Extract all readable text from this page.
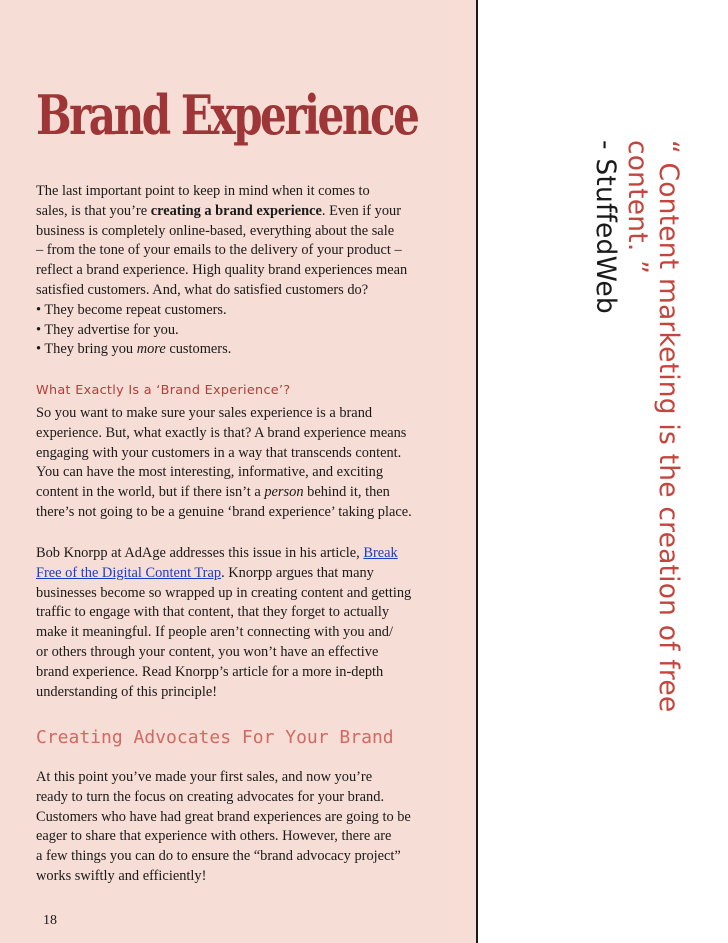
Brand Experience
The last important point to keep in mind when it comes to
sales, is that you’re creating a brand experience. Even if your
business is completely online-based, everything about the sale
– from the tone of your emails to the delivery of your product –
reflect a brand experience. High quality brand experiences mean
satisfied customers. And, what do satisfied customers do?
• They become repeat customers.
• They advertise for you.
• They bring you more customers.
What Exactly Is a ‘Brand Experience’?
So you want to make sure your sales experience is a brand
experience. But, what exactly is that? A brand experience means
engaging with your customers in a way that transcends content.
You can have the most interesting, informative, and exciting
content in the world, but if there isn’t a person behind it, then
there’s not going to be a genuine ‘brand experience’ taking place.
Bob Knorpp at AdAge addresses this issue in his article, Break
Free of the Digital Content Trap. Knorpp argues that many
businesses become so wrapped up in creating content and getting
traffic to engage with that content, that they forget to actually
make it meaningful. If people aren’t connecting with you and/
or others through your content, you won’t have an effective
brand experience. Read Knorpp’s article for a more in-depth
understanding of this principle!
Creating Advocates For Your Brand
At this point you’ve made your first sales, and now you’re
ready to turn the focus on creating advocates for your brand.
Customers who have had great brand experiences are going to be
eager to share that experience with others. However, there are
a few things you can do to ensure the “brand advocacy project”
works swiftly and efficiently!
18
“ Content marketing is the creation of free
content. ”
- StuffedWeb
